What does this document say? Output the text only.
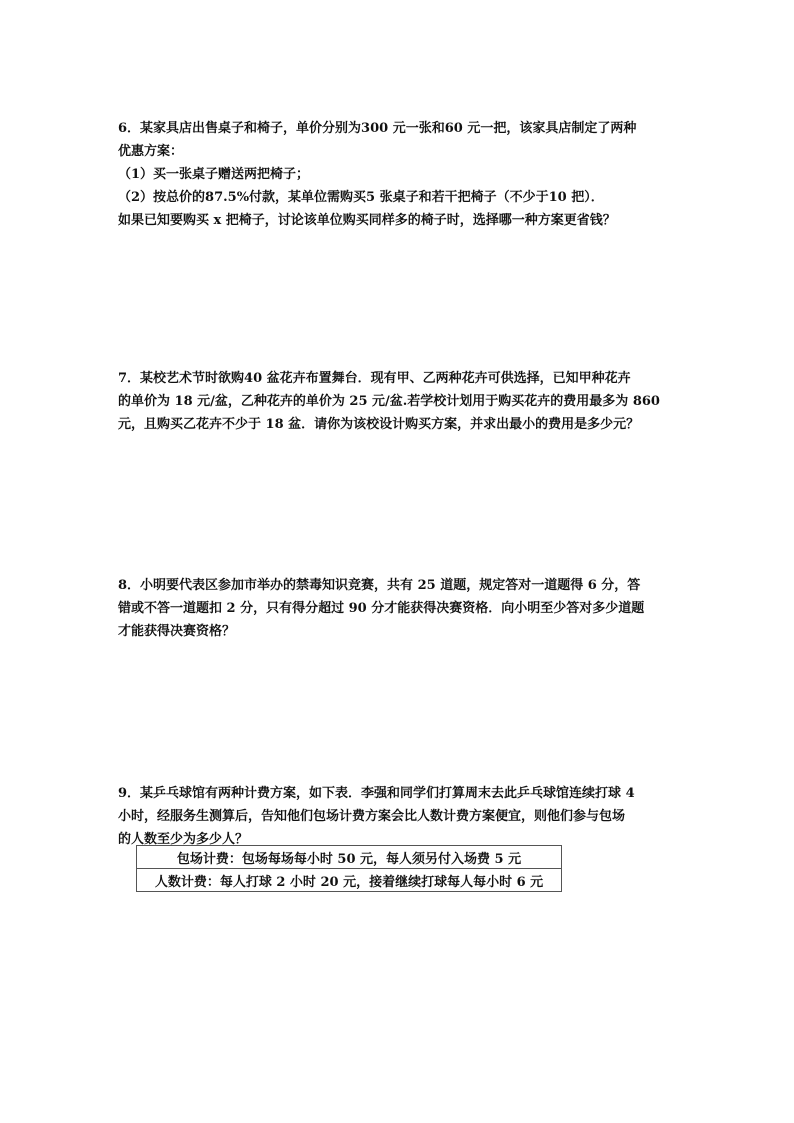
6．某家具店出售桌子和椅子，单价分别为300 元一张和60 元一把，该家具店制定了两种
优惠方案：
（1）买一张桌子赠送两把椅子；
（2）按总价的87.5%付款，某单位需购买5 张桌子和若干把椅子（不少于10 把）．
如果已知要购买 x 把椅子，讨论该单位购买同样多的椅子时，选择哪一种方案更省钱？
7．某校艺术节时欲购40 盆花卉布置舞台．现有甲、乙两种花卉可供选择，已知甲种花卉
的单价为 18 元/盆，乙种花卉的单价为 25 元/盆.若学校计划用于购买花卉的费用最多为 860
元，且购买乙花卉不少于 18 盆．请你为该校设计购买方案，并求出最小的费用是多少元？
8．小明要代表区参加市举办的禁毒知识竞赛，共有 25 道题，规定答对一道题得 6 分，答
错或不答一道题扣 2 分，只有得分超过 90 分才能获得决赛资格．向小明至少答对多少道题
才能获得决赛资格？
9．某乒乓球馆有两种计费方案，如下表．李强和同学们打算周末去此乒乓球馆连续打球 4
小时，经服务生测算后，告知他们包场计费方案会比人数计费方案便宜，则他们参与包场
的人数至少为多少人？
包场计费：包场每场每小时 50 元，每人须另付入场费 5 元
人数计费：每人打球 2 小时 20 元，接着继续打球每人每小时 6 元
